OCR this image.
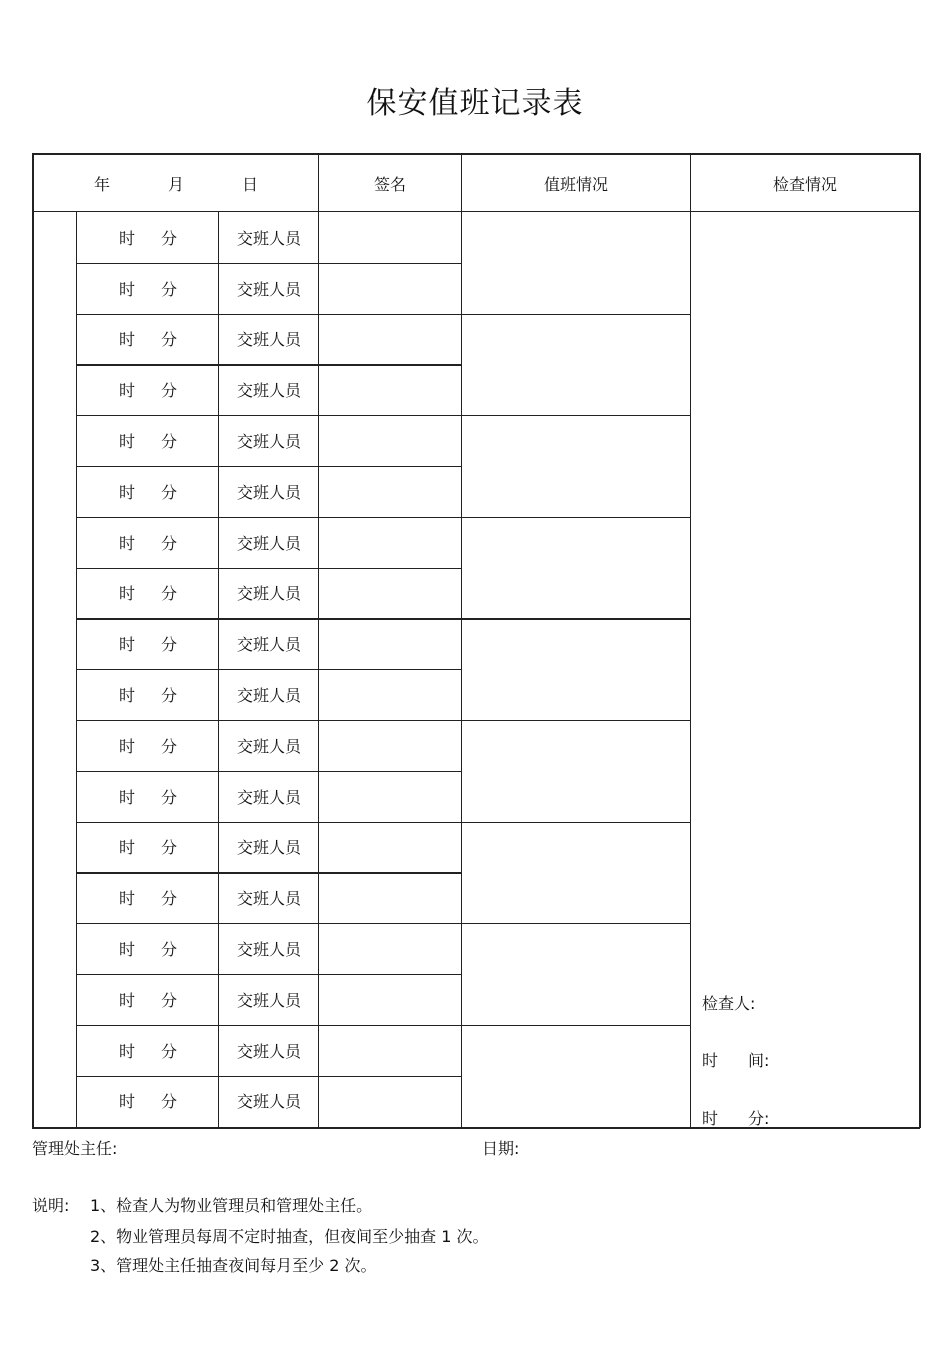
保安值班记录表
年	月	日	签名	值班情况	检查情况
时	分	交班人员
时	分	交班人员
时	分	交班人员
时	分	交班人员
时	分	交班人员
时	分	交班人员
时	分	交班人员
时	分	交班人员
时	分	交班人员
时	分	交班人员
时	分	交班人员
时	分	交班人员
时	分	交班人员
时	分	交班人员
时	分	交班人员
时	分	交班人员
时	分	交班人员
时	分	交班人员
检查人:
时 间:
时 分:
管理处主任:	日期:
说明: 1、检查人为物业管理员和管理处主任。
2、物业管理员每周不定时抽查，但夜间至少抽查 1 次。
3、管理处主任抽查夜间每月至少 2 次。
